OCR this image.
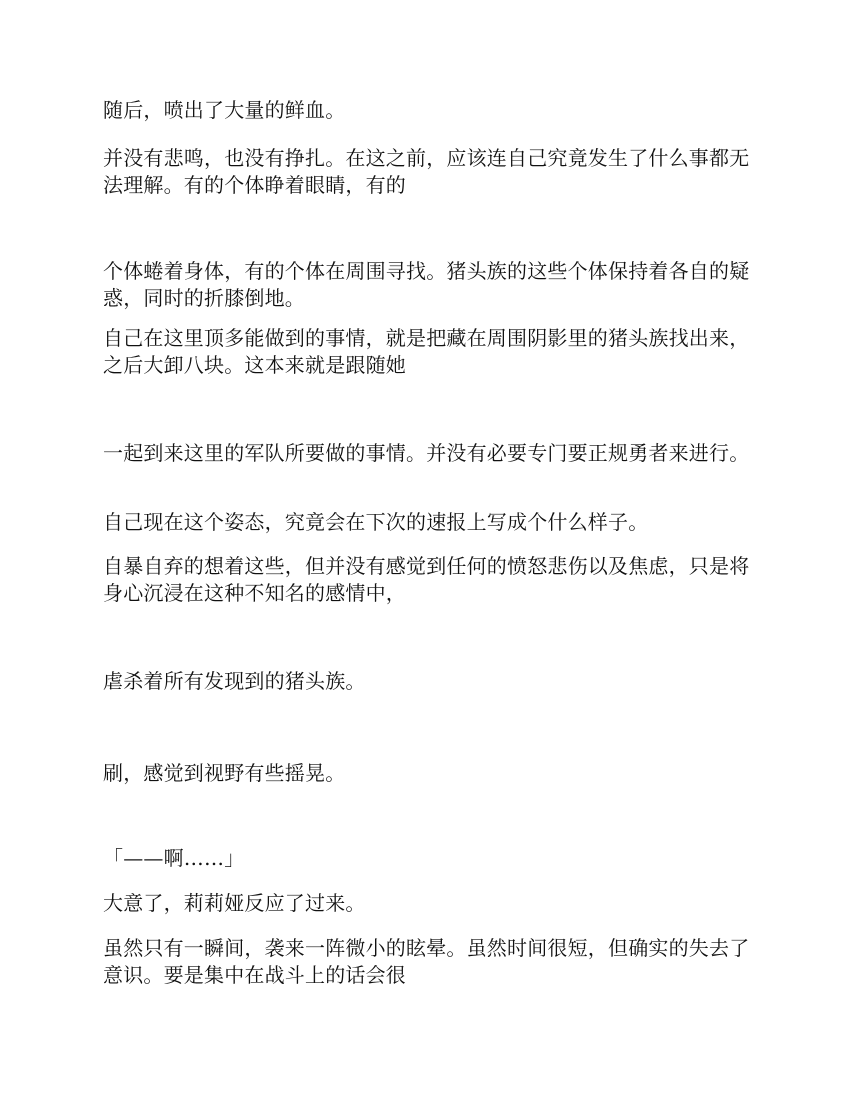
随后，喷出了大量的鲜血。

并没有悲鸣，也没有挣扎。在这之前，应该连自己究竟发生了什么事都无法理解。有的个体睁着眼睛，有的

个体蜷着身体，有的个体在周围寻找。猪头族的这些个体保持着各自的疑惑，同时的折膝倒地。

自己在这里顶多能做到的事情，就是把藏在周围阴影里的猪头族找出来，之后大卸八块。这本来就是跟随她

一起到来这里的军队所要做的事情。并没有必要专门要正规勇者来进行。

自己现在这个姿态，究竟会在下次的速报上写成个什么样子。

自暴自弃的想着这些，但并没有感觉到任何的愤怒悲伤以及焦虑，只是将身心沉浸在这种不知名的感情中，

虐杀着所有发现到的猪头族。

刷，感觉到视野有些摇晃。

「——啊……」

大意了，莉莉娅反应了过来。

虽然只有一瞬间，袭来一阵微小的眩晕。虽然时间很短，但确实的失去了意识。要是集中在战斗上的话会很
